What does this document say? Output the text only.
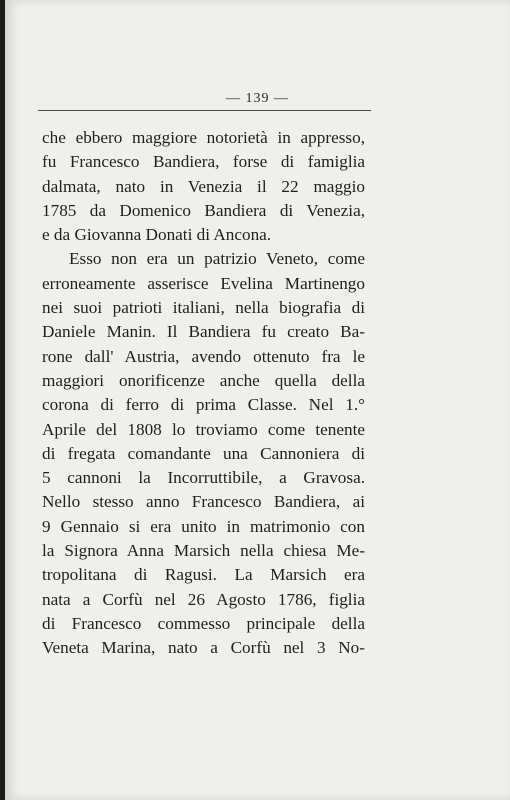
— 139 —
che ebbero maggiore notorietà in appresso,
fu Francesco Bandiera, forse di famiglia
dalmata, nato in Venezia il 22 maggio
1785 da Domenico Bandiera di Venezia,
e da Giovanna Donati di Ancona.
Esso non era un patrizio Veneto, come
erroneamente asserisce Evelina Martinengo
nei suoi patrioti italiani, nella biografia di
Daniele Manin. Il Bandiera fu creato Ba-
rone dall' Austria, avendo ottenuto fra le
maggiori onorificenze anche quella della
corona di ferro di prima Classe. Nel 1.°
Aprile del 1808 lo troviamo come tenente
di fregata comandante una Cannoniera di
5 cannoni la Incorruttibile, a Gravosa.
Nello stesso anno Francesco Bandiera, ai
9 Gennaio si era unito in matrimonio con
la Signora Anna Marsich nella chiesa Me-
tropolitana di Ragusi. La Marsich era
nata a Corfù nel 26 Agosto 1786, figlia
di Francesco commesso principale della
Veneta Marina, nato a Corfù nel 3 No-
